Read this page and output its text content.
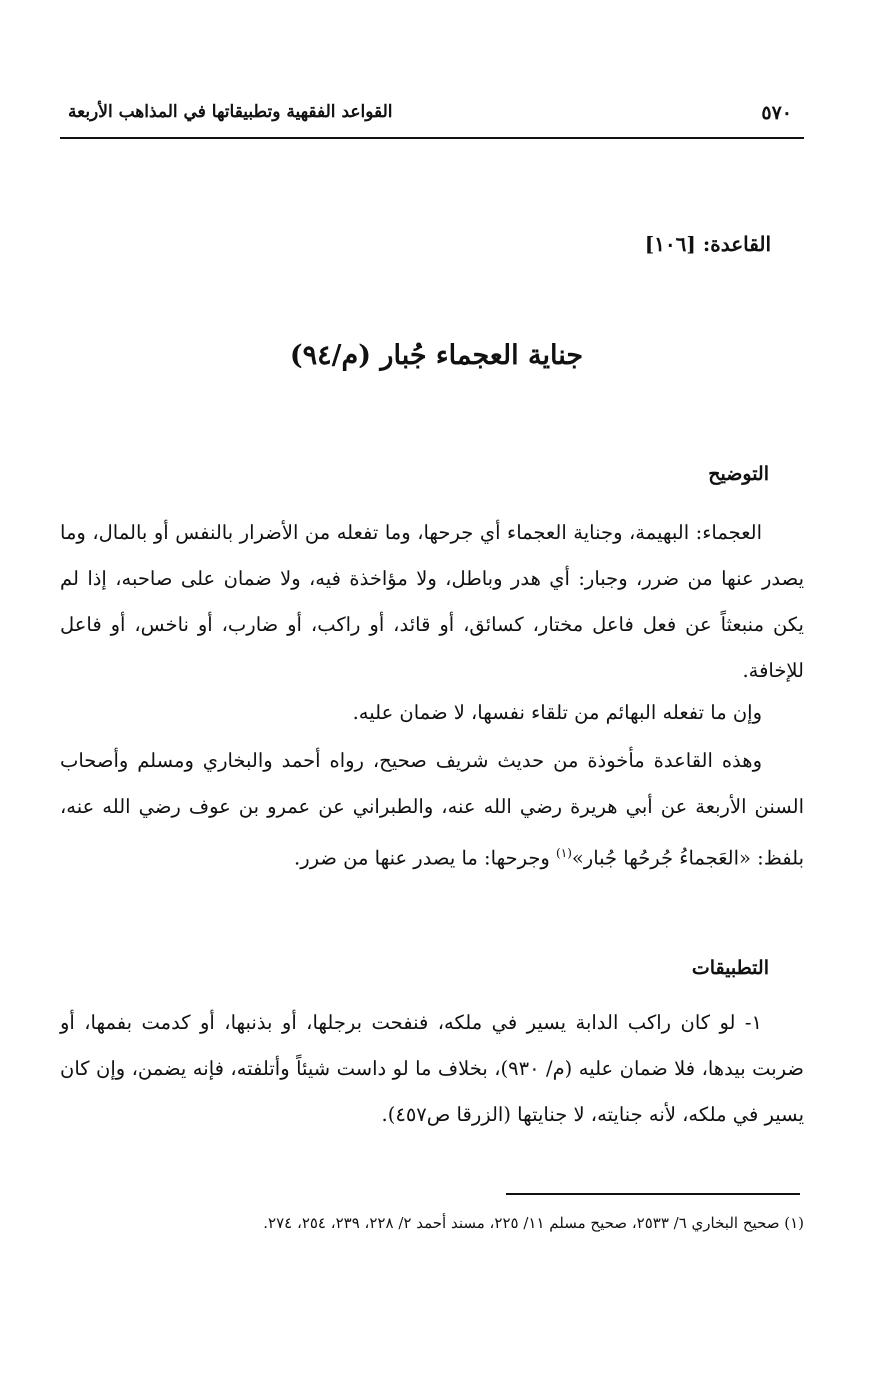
٥٧٠
القواعد الفقهية وتطبيقاتها في المذاهب الأربعة
القاعدة: [١٠٦]
جناية العجماء جُبار (م/٩٤)
التوضيح

العجماء: البهيمة، وجناية العجماء أي جرحها، وما تفعله من الأضرار بالنفس أو بالمال، وما يصدر عنها من ضرر، وجبار: أي هدر وباطل، ولا مؤاخذة فيه، ولا ضمان على صاحبه، إذا لم يكن منبعثاً عن فعل فاعل مختار، كسائق، أو قائد، أو راكب، أو ضارب، أو ناخس، أو فاعل للإخافة.

وإن ما تفعله البهائم من تلقاء نفسها، لا ضمان عليه.

وهذه القاعدة مأخوذة من حديث شريف صحيح، رواه أحمد والبخاري ومسلم وأصحاب السنن الأربعة عن أبي هريرة رضي الله عنه، والطبراني عن عمرو بن عوف رضي الله عنه، بلفظ: «العَجماءُ جُرحُها جُبار»$^{(١)}$ وجرحها: ما يصدر عنها من ضرر.

التطبيقات

١- لو كان راكب الدابة يسير في ملكه، فنفحت برجلها، أو بذنبها، أو كدمت بفمها، أو ضربت بيدها، فلا ضمان عليه (م/ ٩٣٠)، بخلاف ما لو داست شيئاً وأتلفته، فإنه يضمن، وإن كان يسير في ملكه، لأنه جنايته، لا جنايتها (الزرقا ص٤٥٧).

(١) صحيح البخاري ٦/ ٢٥٣٣، صحيح مسلم ١١/ ٢٢٥، مسند أحمد ٢/ ٢٢٨، ٢٣٩، ٢٥٤، ٢٧٤.
